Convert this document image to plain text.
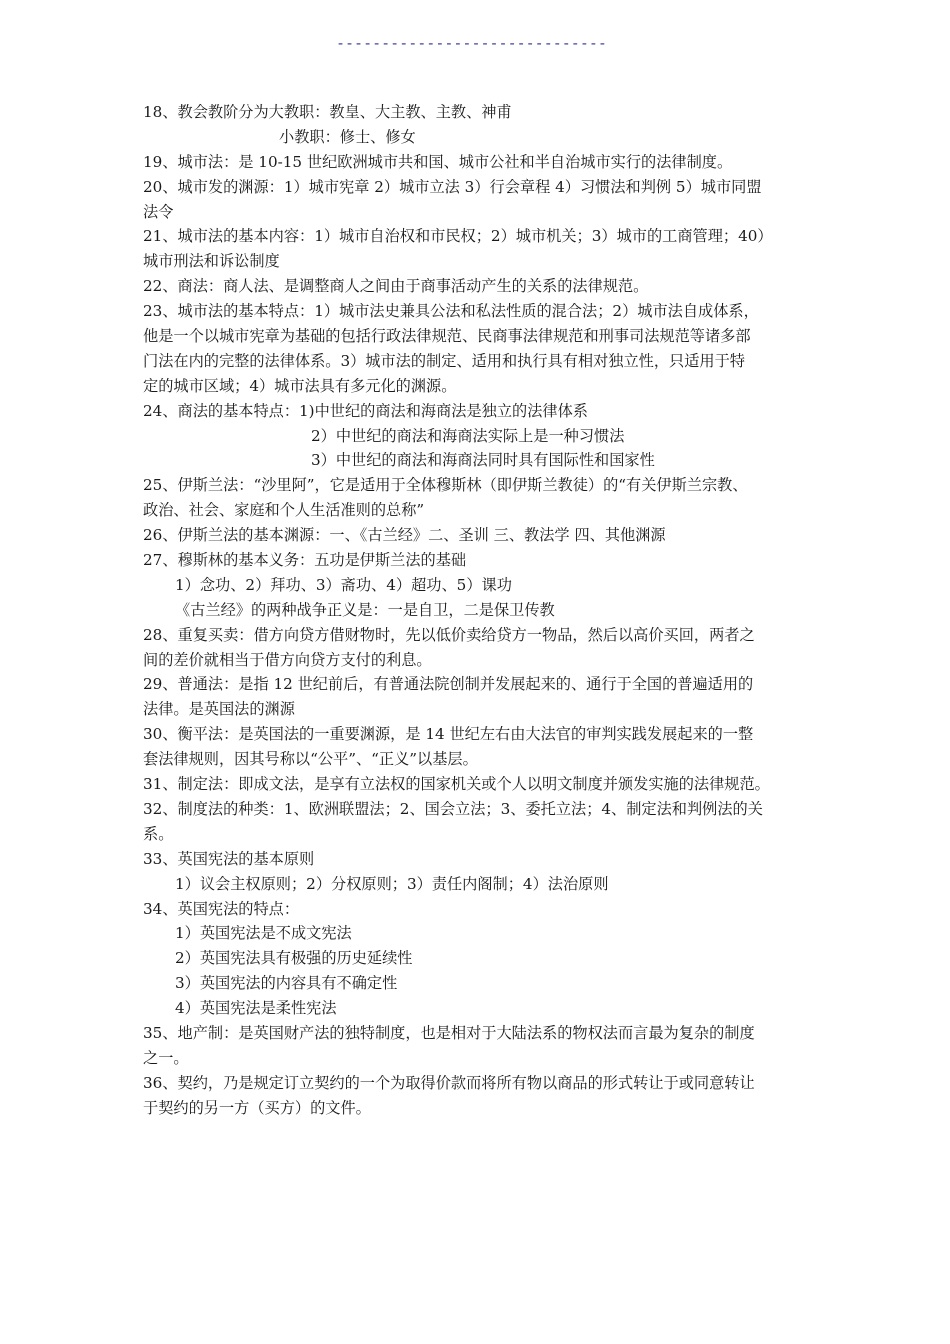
------------------------------
18、教会教阶分为大教职：教皇、大主教、主教、神甫
小教职：修士、修女
19、城市法：是 10-15 世纪欧洲城市共和国、城市公社和半自治城市实行的法律制度。
20、城市发的渊源：1）城市宪章 2）城市立法 3）行会章程 4）习惯法和判例 5）城市同盟
法令
21、城市法的基本内容：1）城市自治权和市民权；2）城市机关；3）城市的工商管理；40）
城市刑法和诉讼制度
22、商法：商人法、是调整商人之间由于商事活动产生的关系的法律规范。
23、城市法的基本特点：1）城市法史兼具公法和私法性质的混合法；2）城市法自成体系，
他是一个以城市宪章为基础的包括行政法律规范、民商事法律规范和刑事司法规范等诸多部
门法在内的完整的法律体系。3）城市法的制定、适用和执行具有相对独立性，只适用于特
定的城市区域；4）城市法具有多元化的渊源。
24、商法的基本特点：1)中世纪的商法和海商法是独立的法律体系
2）中世纪的商法和海商法实际上是一种习惯法
3）中世纪的商法和海商法同时具有国际性和国家性
25、伊斯兰法：“沙里阿”，它是适用于全体穆斯林（即伊斯兰教徒）的“有关伊斯兰宗教、
政治、社会、家庭和个人生活准则的总称”
26、伊斯兰法的基本渊源：一、《古兰经》二、圣训 三、教法学 四、其他渊源
27、穆斯林的基本义务：五功是伊斯兰法的基础
1）念功、2）拜功、3）斋功、4）超功、5）课功
《古兰经》的两种战争正义是：一是自卫，二是保卫传教
28、重复买卖：借方向贷方借财物时，先以低价卖给贷方一物品，然后以高价买回，两者之
间的差价就相当于借方向贷方支付的利息。
29、普通法：是指 12 世纪前后，有普通法院创制并发展起来的、通行于全国的普遍适用的
法律。是英国法的渊源
30、衡平法：是英国法的一重要渊源，是 14 世纪左右由大法官的审判实践发展起来的一整
套法律规则，因其号称以“公平”、“正义”以基层。
31、制定法：即成文法，是享有立法权的国家机关或个人以明文制度并颁发实施的法律规范。
32、制度法的种类：1、欧洲联盟法；2、国会立法；3、委托立法；4、制定法和判例法的关
系。
33、英国宪法的基本原则
1）议会主权原则；2）分权原则；3）责任内阁制；4）法治原则
34、英国宪法的特点：
1）英国宪法是不成文宪法
2）英国宪法具有极强的历史延续性
3）英国宪法的内容具有不确定性
4）英国宪法是柔性宪法
35、地产制：是英国财产法的独特制度，也是相对于大陆法系的物权法而言最为复杂的制度
之一。
36、契约，乃是规定订立契约的一个为取得价款而将所有物以商品的形式转让于或同意转让
于契约的另一方（买方）的文件。
